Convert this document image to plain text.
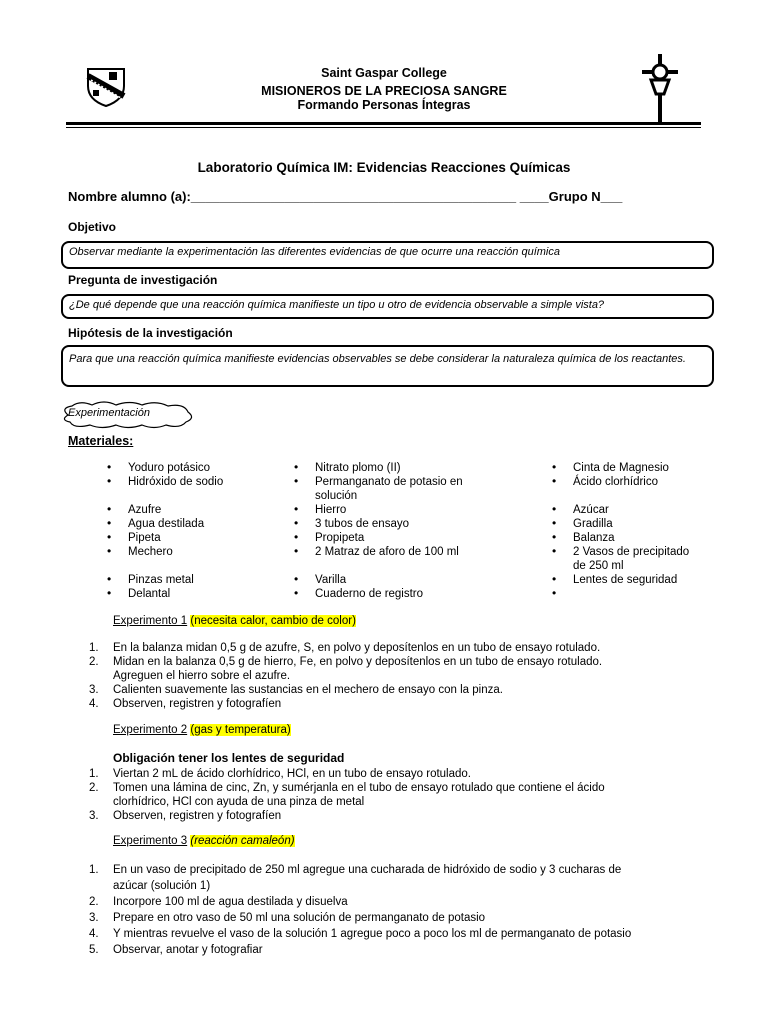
Saint Gaspar College
MISIONEROS DE LA PRECIOSA SANGRE
Formando Personas Íntegras
Laboratorio Química IM: Evidencias Reacciones Químicas
Nombre alumno (a):_____________________________________________ ____Grupo N___
Objetivo
Observar mediante la experimentación las diferentes evidencias de que ocurre una reacción química
Pregunta de investigación
¿De qué depende que una reacción química manifieste un tipo u otro de evidencia observable a simple vista?
Hipótesis de la investigación
Para que una reacción química manifieste evidencias observables se debe considerar la naturaleza química de los reactantes.
Experimentación
Materiales:
• Yoduro potásico
• Hidróxido de sodio

• Azufre
• Agua destilada
• Pipeta
• Mechero

• Pinzas metal
• Delantal
• Nitrato plomo (II)
• Permanganato de potasio en
solución
• Hierro
• 3 tubos de ensayo
• Propipeta
• 2 Matraz de aforo de 100 ml

• Varilla
• Cuaderno de registro
• Cinta de Magnesio
• Ácido clorhídrico

• Azúcar
• Gradilla
• Balanza
• 2 Vasos de precipitado
de 250 ml
• Lentes de seguridad
•
Experimento 1 (necesita calor, cambio de color)
1. En la balanza midan 0,5 g de azufre, S, en polvo y deposítenlos en un tubo de ensayo rotulado.
2. Midan en la balanza 0,5 g de hierro, Fe, en polvo y deposítenlos en un tubo de ensayo rotulado.
Agreguen el hierro sobre el azufre.
3. Calienten suavemente las sustancias en el mechero de ensayo con la pinza.
4. Observen, registren y fotografíen
Experimento 2 (gas y temperatura)
Obligación tener los lentes de seguridad
1. Viertan 2 mL de ácido clorhídrico, HCl, en un tubo de ensayo rotulado.
2. Tomen una lámina de cinc, Zn, y sumérjanla en el tubo de ensayo rotulado que contiene el ácido
clorhídrico, HCl con ayuda de una pinza de metal
3. Observen, registren y fotografíen
Experimento 3 (reacción camaleón)
1. En un vaso de precipitado de 250 ml agregue una cucharada de hidróxido de sodio y 3 cucharas de
azúcar (solución 1)
2. Incorpore 100 ml de agua destilada y disuelva
3. Prepare en otro vaso de 50 ml una solución de permanganato de potasio
4. Y mientras revuelve el vaso de la solución 1 agregue poco a poco los ml de permanganato de potasio
5. Observar, anotar y fotografiar
